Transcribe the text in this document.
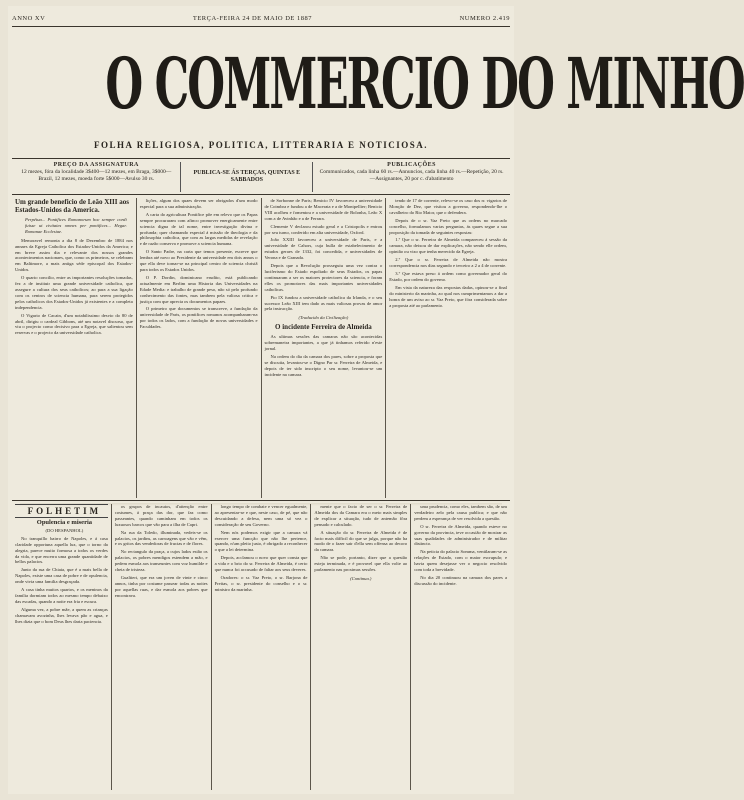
ANNO XV	TERÇA-FEIRA 24 DE MAIO DE 1887	NUMERO 2.419
O COMMERCIO DO MINHO
FOLHA RELIGIOSA, POLITICA, LITTERARIA E NOTICIOSA.
PREÇO DA ASSIGNATURA
12 mezes, fóra da localidade 3$400—12 mezes, em Braga, 3$000—Brazil, 12 mezes, moeda forte 5$000—Avulso 30 rs.
PUBLICA-SE ÁS TERÇAS, QUINTAS E SABBADOS
PUBLICAÇÕES
Communicados, cada linha 60 rs.—Annuncios, cada linha 40 rs.—Repetição, 20 rs.—Assignantes, 20 por c. d'abatimento

Um grande beneficio de Leão XIII aos Estados-Unidos da America.

Perpétua... Pontifices Romanorum hoc semper cordi fuisse ut civitates omnes per pontifices... Hegar. Romanae Ecclesiae.

Memoravel remonta a dia 8 de Dezembro de 1884 nos annaes da Egreja Catholica dos Estados-Unidos da America; e em breve assim dia e relevante dos nossos grandes acontecimentos nacionaes, que, como os primeiros, se celebram em Baltimore, a mais antiga séde episcopal dos Estados-Unidos.

O quarto concilio, entre as importantes resoluções tomadas, fez a de instituir uma grande universidade catholica, que assegure a cultura dos seus catholicos; ao para a sua ligação com os centros de sciencia humana, para serem protegidos pelos catholicos dos Estados-Unidos já existentes e a completa independencia.

O Vigario de Cacain, d'um notabilissimo desvio do 80 de abril, dirigiu o cardeal Gibbons, até um notavel discurso, que viu o projecto como decisivo para a Egreja, que salientou sem reservas e o projecto da universidade catholica.

lições, algum dos quaes devem ser obrigados d'um modo especial para a sua administração.

A carta do agricultura Pontifice põe em relevo que os Papas sempre procuraram com afinco promover energicamente entre sciencia digna de tal nome, entre investigação divina e profunda; quer chamando especial á missão de theologia e da philosophia catholica, que com as largas medidas de revelação e de razão conserva e promove a sciencia humana.

O Santo Padre, na carta que temos presente, escreve que lembra até novo ao Presidente da universidade em dois annos o que ella deve tornar-se na principal centro de sciencia christã para todos os Estados Unidos.

O P. Dordin, dominicano erudito, está publicando actualmente em Berlim uma Historia das Universidades na Edade Media: e trabalho de grande peso, não só pelo profundo conhecimento das fontes, mas tambem pela valiosa critica e justiça com que aprecia os documentos papaes.

O primeiro que documentos se transcreve, a fundação da universidade de Paris, os pontifices romanos acompanharam-na por todos os lados, com a fundação de novas universidades e Faculdades.

de Sorbonne de Paris; Benicio IV favoreceu a universidade de Coimbra e fundou a de Macerata e a de Montpellier; Benicio VIII acolheu e fomentou e a universidade de Bolonha, Leão X com a de Avinhão e a de Ferrara.

Clemente V declarou estudo geral e a Cristopolis e entrou por seu turno, conferido em alta universidade, Oxford.

João XXIII favoreceu a universidade de Paris, e a universidade de Cahors, cuja bulla de estabelecimento de estudos geraes de 1332, foi concedida, e universidades de Verona e de Granada.

Depois que a Revolução prosseguiu uma vez contra o luciferismo do Estado espoliado de seus Estados, os papas continuaram a ser os maiores protectores da sciencia, e foram elles os promotores das mais importantes universidades catholicas.

Pio IX fundou a universidade catholica da Irlanda, e o seu sucessor Leão XIII tem dado as mais valiosas provas de amor pela instrucção.

(Traducido da Civilização)

O incidente Ferreira de Almeida

As ultimas sessões das camaras não são acontecidas sobremaneira importantes, a que já tinhamos referido n'este jornal.

Na ordem do dia da camara dos pares, sobre a proposta que se discutia, levantou-se o Digno Par sr. Ferreira de Almeida, e depois de ter sido inscripto o seu nome, levantou-se um incidente na camara.

tendo de 17 de corrente, relevo-se os caso dos rr. vigarios de Monção de Dez, que visitou a governo, respondendo-lhe o cavalheiro do Rio Maior, que o defendera.

Depois de o sr. Vaz Preto que as ordens no marcado concelho, formulamos varias perguntas, ás quaes segue a sua proposição da tomada de seguintes respostas:

1.º Que o sr. Ferreira de Almeida compareceu á sessão da camara, não deixou de dar explicações, não sendo elle ordem, opinião ou vizo que tenha merecido da Egreja.

2.º Que o sr. Ferreira de Almeida não mostra correspondencia nos dias segundo e terceiro a 2 a 4 de corrente.

3.º Que estava preso á ordem como governador geral do Estado, por ordem do governo.

Em vista da natureza das respostas dadas, opinou-se a final do ministerio da marinha, ao qual nos cumprimentamos a dar a honra de um aviso ao sr. Vaz Preto, que fóra considerada sobre a proposta até ao parlamento.

FOLHETIM

Opulencia e miseria

(DO HESPANHOL)

No tranquillo bairro de Napoles, e á casa claridade opportuna aquella luz, que o torno da alegria, parece muito formosa a todos os verdes da vida, e que encerra uma grande quantidade de bellos palacios.

Junto da rua de Chiaia, que é a mais bella de Napoles, existe uma casa de pobre e de opulencia, onde vivia uma familia desgraçada.

A casa tinha muitos quartos, e os meninos da familia dormiam todos ao mesmo tempo debaixo das escadas, quando a noite era fria e escura.

Alguma vez, a pobre mãe, a quem as crianças chamavam avozinha, lhes levava pão e agua, e lhes dizia que o bom Deus lhes daria paciencia.

os grupos de incautos, d'attenção entre costumes, á praça das dor, que faz como passeantes, quando caminham em todos os luxuosos barcos que vão para a ilha de Capri.

Na rua da Toledo, illuminada, vedeis-se os palacios, os jardins, as carroagens que vão e vêm, e os gritos das vendedoras de fructas e de flores.

No rectangulo da praça, a cujos lados estão os palacios, os pobres mendigos estendem a mão, e pedem esmola aos transeuntes com voz humilde e cheia de tristeza.

Gualtieri, que era um joven de vinte e cinco annos, tinha por costume passear todas as noites por aquellas ruas, e dar esmola aos pobres que encontrava.

longo tempo de combate e vencer egualmente, ao apresentar-se e que, neste caso, de pé, que não descuidando a defesa, nem uma só vez o consideração de seu Governo.

Nem nós podemos exigir que a camara vá exercer uma funcção que não lhe pertence, quando, n'um pleito justo, é obrigado a reconhecer o que a lei determina.

Depois, acclamou o novo que quer consta que a vida e o brio do sr. Ferreira de Almeida, é certo que nunca foi accusado de faltar aos seus deveres.

Oradores: o sr. Vaz Preto, o sr. Barjona de Freitas, o sr. presidente do conselho e o sr. ministro da marinha.

mente que o facto de ser o sr. Ferreira de Almeida dos da Camara era o meio mais simples de explicar a situação, tudo de antemão fôra pensado e calculado.

A situação do sr. Ferreira de Almeida é de facto mais difficil do que se julga, porque não ha modo de o fazer sair d'ella sem offensa ao decoro da camara.

Não se pode, portanto, dizer que a questão esteja terminada, e é provavel que ella volte ao parlamento nas proximas sessões.

(Continua.)

uma prudencia, como eles, tambem são, de um verdadeiro zelo pela causa publica; e que não perdem a esperança de ver resolvida a questão.

O sr. Ferreira de Almeida, quando esteve no governo da provincia, teve occasião de mostrar as suas qualidades de administrador e de militar distincto.

Na peticia do palacio Somma, ventilaram-se as relações de Estado, com o maior escrupulo; e havia quem desejasse ver o negocio resolvido com toda a brevidade.

No dia 20 continuou na camara dos pares a discussão do incidente.
